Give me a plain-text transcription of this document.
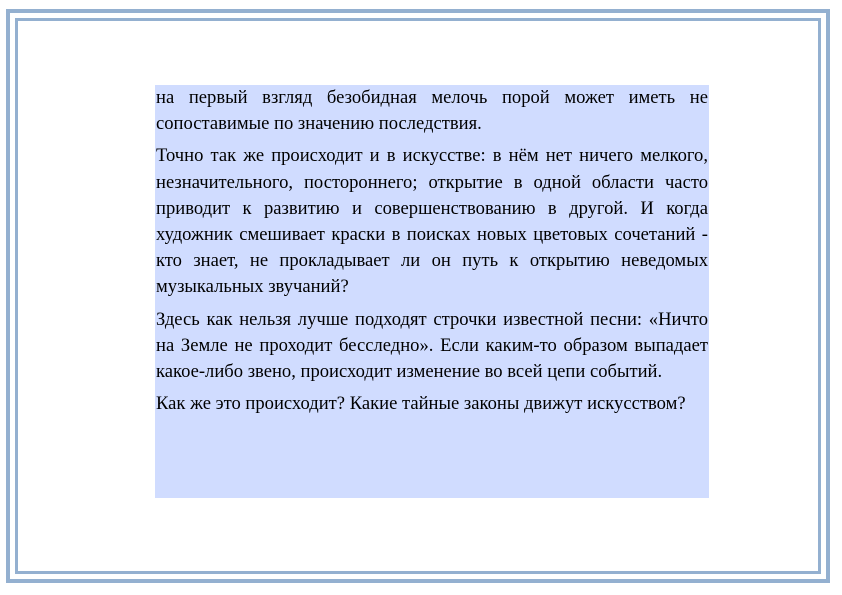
на первый взгляд безобидная мелочь порой может иметь не сопоставимые по значению последствия.

Точно так же происходит и в искусстве: в нём нет ничего мелкого, незначительного, постороннего; открытие в одной области часто приводит к развитию и совершенствованию в другой. И когда художник смешивает краски в поисках новых цветовых сочетаний - кто знает, не прокладывает ли он путь к открытию неведомых музыкальных звучаний?

Здесь как нельзя лучше подходят строчки известной песни: «Ничто на Земле не проходит бесследно». Если каким-то образом выпадает какое-либо звено, происходит изменение во всей цепи событий.

Как же это происходит? Какие тайные законы движут искусством?
